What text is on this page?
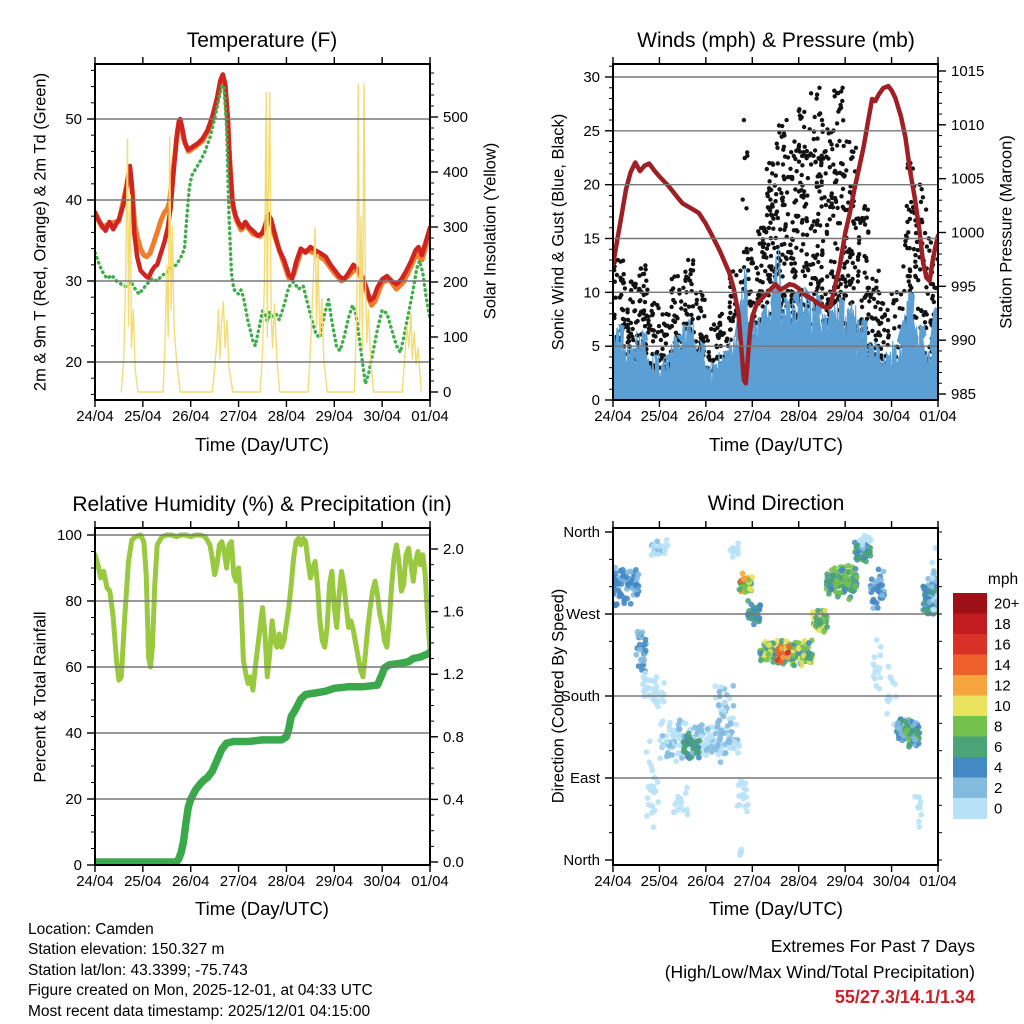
24/04 25/04 26/04 27/04 28/04 29/04 30/04 01/04
20
30
40
50
0
100
200
300
400
500
24/04 25/04 26/04 27/04 28/04 29/04 30/04 01/04
0
20
40
60
80
100
0.0
0.4
0.8
1.2
1.6
2.0
24/04 25/04 26/04 27/04 28/04 29/04 30/04 01/04
0
5
10
15
20
25
30
985
990
995
1000
1005
1010
1015
24/04 25/04 26/04 27/04 28/04 29/04 30/04 01/04
North
West
South
East
North
20+
18
16
14
12
10
8
6
4
2
0
Temperature (F)	Winds (mph) & Pressure (mb)
Relative Humidity (%) & Precipitation (in)	Wind Direction
Time (Day/UTC)	Time (Day/UTC)
Time (Day/UTC)	Time (Day/UTC)
2m & 9m T (Red, Orange) & 2m Td (Green)	Solar Insolation (Yellow)	Sonic Wind & Gust (Blue, Black)	Station Pressure (Maroon)
Percent & Total Rainfall	Direction (Colored By Speed)
mph
Location: Camden
Station elevation: 150.327 m
Station lat/lon: 43.3399; -75.743
Figure created on Mon, 2025-12-01, at 04:33 UTC
Most recent data timestamp: 2025/12/01 04:15:00
Extremes For Past 7 Days
(High/Low/Max Wind/Total Precipitation)
55/27.3/14.1/1.34
